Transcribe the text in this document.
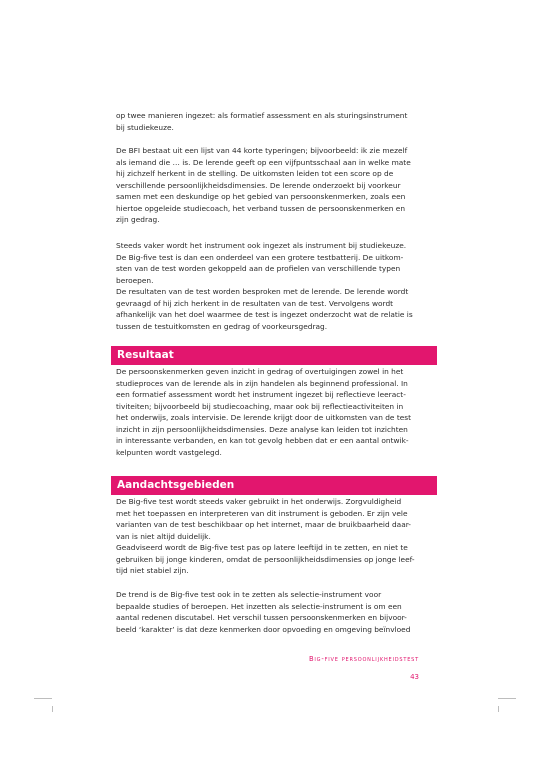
op twee manieren ingezet: als formatief assessment en als sturingsinstrument
bij studiekeuze.
De BFI bestaat uit een lijst van 44 korte typeringen; bijvoorbeeld: ik zie mezelf
als iemand die … is. De lerende geeft op een vijfpuntsschaal aan in welke mate
hij zichzelf herkent in de stelling. De uitkomsten leiden tot een score op de
verschillende persoonlijkheidsdimensies. De lerende onderzoekt bij voorkeur
samen met een deskundige op het gebied van persoonskenmerken, zoals een
hiertoe opgeleide studiecoach, het verband tussen de persoonskenmerken en
zijn gedrag.
Steeds vaker wordt het instrument ook ingezet als instrument bij studiekeuze.
De Big-five test is dan een onderdeel van een grotere testbatterij. De uitkom-
sten van de test worden gekoppeld aan de profielen van verschillende typen
beroepen.
De resultaten van de test worden besproken met de lerende. De lerende wordt
gevraagd of hij zich herkent in de resultaten van de test. Vervolgens wordt
afhankelijk van het doel waarmee de test is ingezet onderzocht wat de relatie is
tussen de testuitkomsten en gedrag of voorkeursgedrag.
Resultaat
De persoonskenmerken geven inzicht in gedrag of overtuigingen zowel in het
studieproces van de lerende als in zijn handelen als beginnend professional. In
een formatief assessment wordt het instrument ingezet bij reflectieve leeract-
tiviteiten; bijvoorbeeld bij studiecoaching, maar ook bij reflectieactiviteiten in
het onderwijs, zoals intervisie. De lerende krijgt door de uitkomsten van de test
inzicht in zijn persoonlijkheidsdimensies. Deze analyse kan leiden tot inzichten
in interessante verbanden, en kan tot gevolg hebben dat er een aantal ontwik-
kelpunten wordt vastgelegd.
Aandachtsgebieden
De Big-five test wordt steeds vaker gebruikt in het onderwijs. Zorgvuldigheid
met het toepassen en interpreteren van dit instrument is geboden. Er zijn vele
varianten van de test beschikbaar op het internet, maar de bruikbaarheid daar-
van is niet altijd duidelijk.
Geadviseerd wordt de Big-five test pas op latere leeftijd in te zetten, en niet te
gebruiken bij jonge kinderen, omdat de persoonlijkheidsdimensies op jonge leef-
tijd niet stabiel zijn.
De trend is de Big-five test ook in te zetten als selectie-instrument voor
bepaalde studies of beroepen. Het inzetten als selectie-instrument is om een
aantal redenen discutabel. Het verschil tussen persoonskenmerken en bijvoor-
beeld ‘karakter’ is dat deze kenmerken door opvoeding en omgeving beïnvloed
Big-five persoonlijkheidstest
43
